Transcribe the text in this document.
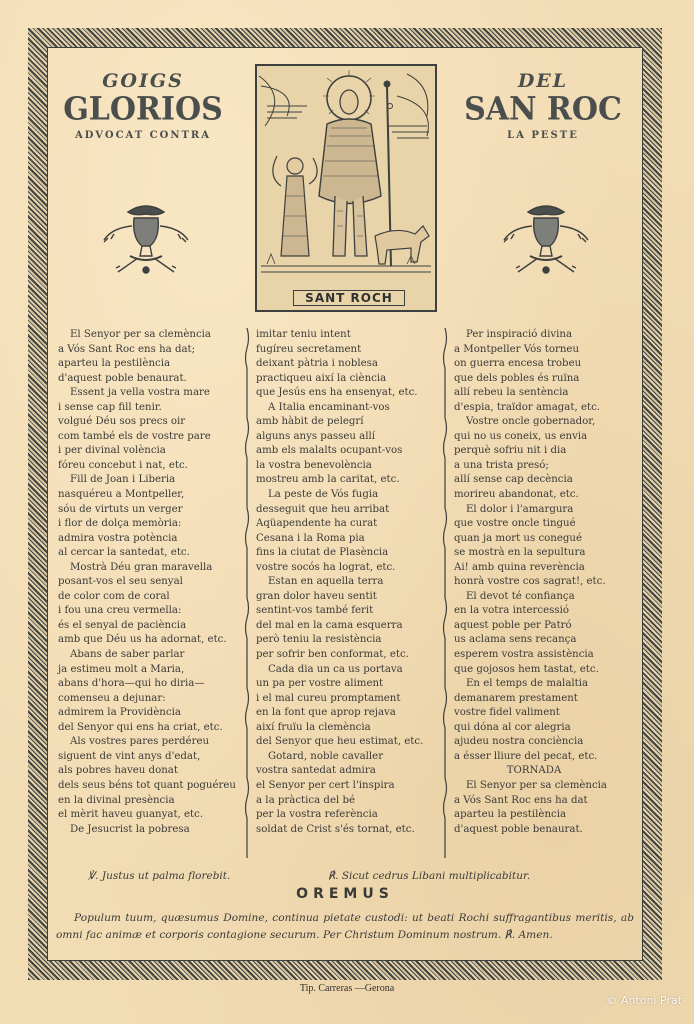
GOIGS
GLORIOS
ADVOCAT CONTRA
SANT ROCH
DEL
SAN ROC
LA PESTE
El Senyor per sa clemència
a Vós Sant Roc ens ha dat;
aparteu la pestilència
d'aquest poble benaurat.
Essent ja vella vostra mare
i sense cap fill tenir.
volgué Déu sos precs oir
com també els de vostre pare
i per divinal volència
fóreu concebut i nat, etc.
Fill de Joan i Liberia
nasquéreu a Montpeller,
sóu de virtuts un verger
i flor de dolça memòria:
admira vostra potència
al cercar la santedat, etc.
Mostrà Déu gran maravella
posant-vos el seu senyal
de color com de coral
i fou una creu vermella:
és el senyal de paciència
amb que Déu us ha adornat, etc.
Abans de saber parlar
ja estimeu molt a Maria,
abans d'hora—qui ho diria—
comenseu a dejunar:
admirem la Providència
del Senyor qui ens ha criat, etc.
Als vostres pares perdéreu
siguent de vint anys d'edat,
als pobres haveu donat
dels seus béns tot quant poguéreu
en la divinal presència
el mèrit haveu guanyat, etc.
De Jesucrist la pobresa
imitar teniu intent
fugíreu secretament
deixant pàtria i noblesa
practiqueu així la ciència
que Jesús ens ha ensenyat, etc.
A Italia encaminant-vos
amb hàbit de pelegrí
alguns anys passeu allí
amb els malalts ocupant-vos
la vostra benevolència
mostreu amb la caritat, etc.
La peste de Vós fugia
desseguit que heu arribat
Aqüapendente ha curat
Cesana i la Roma pia
fins la ciutat de Plasència
vostre socós ha lograt, etc.
Estan en aquella terra
gran dolor haveu sentit
sentint-vos també ferit
del mal en la cama esquerra
però teniu la resistència
per sofrir ben conformat, etc.
Cada dia un ca us portava
un pa per vostre aliment
i el mal cureu promptament
en la font que aprop rejava
així fruïu la clemència
del Senyor que heu estimat, etc.
Gotard, noble cavaller
vostra santedat admira
el Senyor per cert l'inspira
a la pràctica del bé
per la vostra referència
soldat de Crist s'és tornat, etc.
Per inspiració divina
a Montpeller Vós torneu
on guerra encesa trobeu
que dels pobles és ruïna
allí rebeu la sentència
d'espia, traïdor amagat, etc.
Vostre oncle gobernador,
qui no us coneix, us envia
perquè sofriu nit i dia
a una trista presó;
allí sense cap decència
morireu abandonat, etc.
El dolor i l'amargura
que vostre oncle tingué
quan ja mort us conegué
se mostrà en la sepultura
Ai! amb quina reverència
honrà vostre cos sagrat!, etc.
El devot té confiança
en la votra intercessió
aquest poble per Patró
us aclama sens recança
esperem vostra assistència
que gojosos hem tastat, etc.
En el temps de malaltia
demanarem prestament
vostre fidel valiment
qui dóna al cor alegria
ajudeu nostra conciència
a ésser lliure del pecat, etc.
TORNADA
El Senyor per sa clemència
a Vós Sant Roc ens ha dat
aparteu la pestilència
d'aquest poble benaurat.
℣. Justus ut palma florebit.	℟. Sicut cedrus Libani multiplicabitur.
OREMUS
Populum tuum, quæsumus Domine, continua pietate custodi: ut beati Rochi suffragantibus meritis, ab omni fac animæ et corporis contagione securum. Per Christum Dominum nostrum. ℟. Amen.
Tip. Carreras —Gerona
© Antoni Prat
